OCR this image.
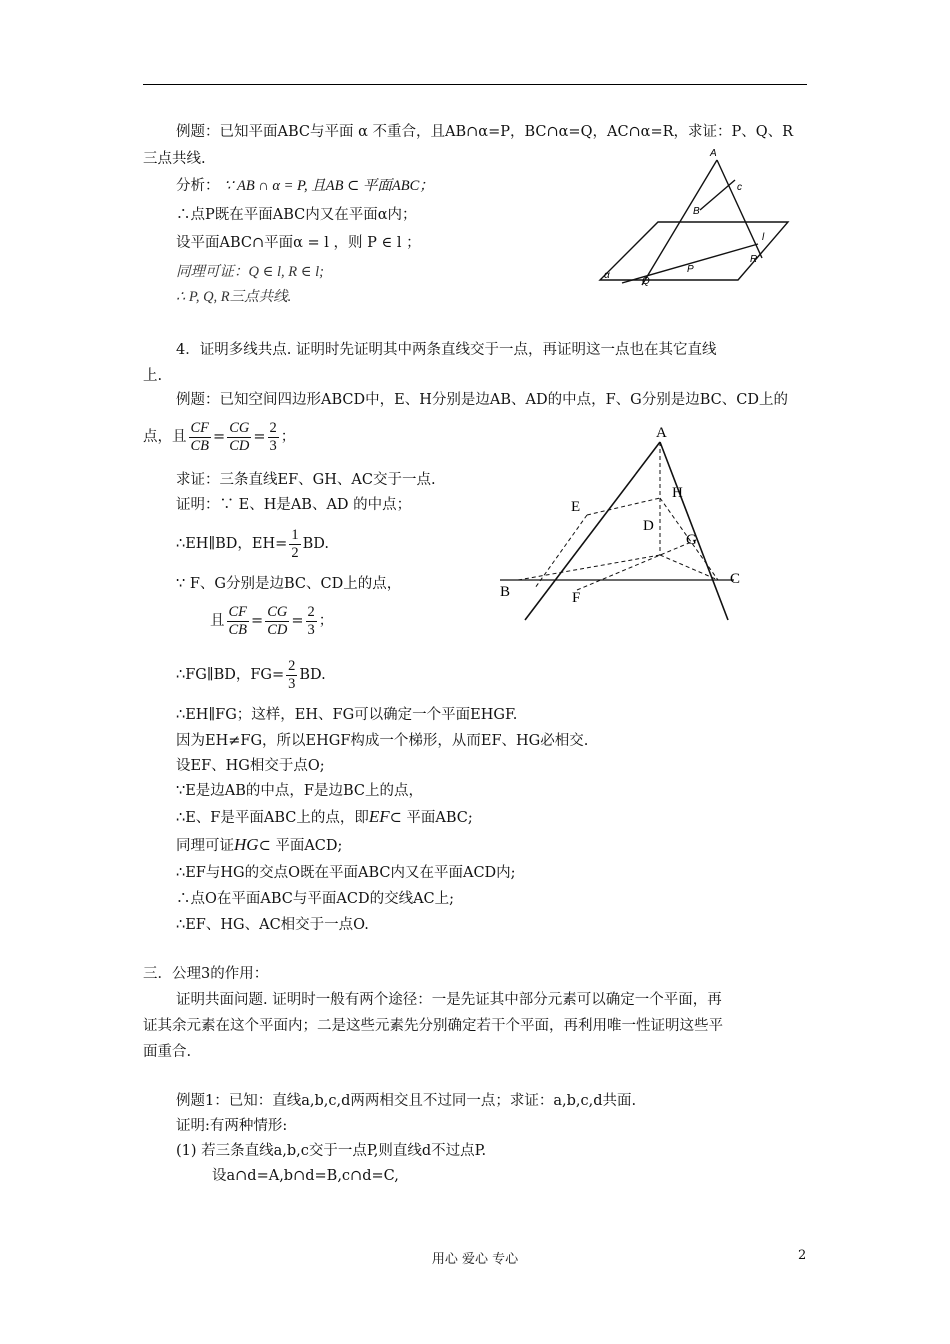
例题：已知平面ABC与平面 α 不重合，且AB∩α=P，BC∩α=Q，AC∩α=R，求证：P、Q、R
三点共线.
分析： ∵ AB ∩ α = P, 且AB ⊂ 平面ABC；
∴点P既在平面ABC内又在平面α内；
设平面ABC∩平面α = l ，则 P ∈ l ；
同理可证：Q ∈ l, R ∈ l;
∴ P, Q, R三点共线.
A
c
B
l
α
Q
P
R
4．证明多线共点. 证明时先证明其中两条直线交于一点，再证明这一点也在其它直线
上.
例题：已知空间四边形ABCD中，E、H分别是边AB、AD的中点，F、G分别是边BC、CD上的
点，且 $\frac{CF}{CB} = \frac{CG}{CD} = \frac{2}{3}$ ；
求证：三条直线EF、GH、AC交于一点.
证明：∵ E、H是AB、AD 的中点；
∴EH∥BD，$EH= \frac{1}{2}$ BD.
∵ F、G分别是边BC、CD上的点，
且 $\frac{CF}{CB} = \frac{CG}{CD} = \frac{2}{3}$ ；
∴FG∥BD，$FG= \frac{2}{3}$ BD.
∴EH∥FG；这样，EH、FG可以确定一个平面EHGF.
因为EH≠FG，所以EHGF构成一个梯形，从而EF、HG必相交.
设EF、HG相交于点O;
∵E是边AB的中点，F是边BC上的点，
∴E、F是平面ABC上的点，即EF⊂ 平面ABC;
同理可证HG⊂ 平面ACD;
∴EF与HG的交点O既在平面ABC内又在平面ACD内;
∴点O在平面ABC与平面ACD的交线AC上;
∴EF、HG、AC相交于一点O.
A
H
E
D
G
B
C
F
三．公理3的作用：
证明共面问题. 证明时一般有两个途径：一是先证其中部分元素可以确定一个平面，再
证其余元素在这个平面内；二是这些元素先分别确定若干个平面，再利用唯一性证明这些平
面重合.
例题1：已知：直线a,b,c,d两两相交且不过同一点；求证：a,b,c,d共面.
证明:有两种情形:
(1) 若三条直线a,b,c交于一点P,则直线d不过点P.
设a∩d=A,b∩d=B,c∩d=C,
用心 爱心 专心	2
